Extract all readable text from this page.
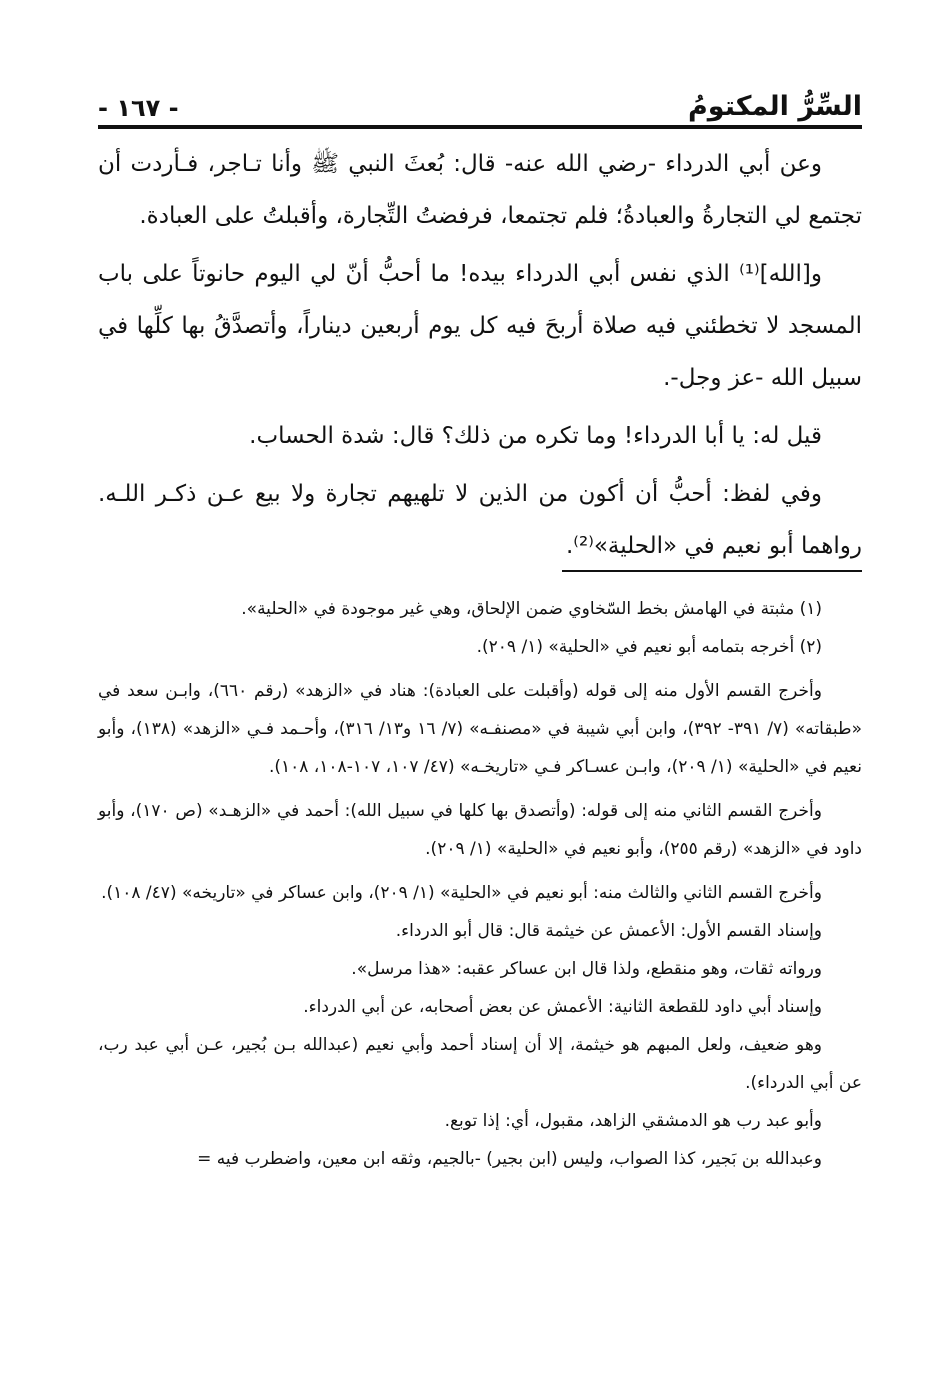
السِّرُّ المكتومُ
- ١٦٧ -

وعن أبي الدرداء -رضي الله عنه- قال: بُعثَ النبي ﷺ وأنا تـاجر، فـأردت أن تجتمع لي التجارةُ والعبادةُ؛ فلم تجتمعا، فرفضتُ التِّجارة، وأقبلتُ على العبادة.

و[الله]⁽¹⁾ الذي نفس أبي الدرداء بيده! ما أحبُّ أنّ لي اليوم حانوتاً على باب المسجد لا تخطئني فيه صلاة أربحَ فيه كل يوم أربعين ديناراً، وأتصدَّقُ بها كلِّها في سبيل الله -عز وجل-.

قيل له: يا أبا الدرداء! وما تكره من ذلك؟ قال: شدة الحساب.

وفي لفظ: أحبُّ أن أكون من الذين لا تلهيهم تجارة ولا بيع عـن ذكـر اللـه. رواهما أبو نعيم في «الحلية»⁽²⁾.

(١) مثبتة في الهامش بخط السّخاوي ضمن الإلحاق، وهي غير موجودة في «الحلية».

(٢) أخرجه بتمامه أبو نعيم في «الحلية» (١/ ٢٠٩).

وأخرج القسم الأول منه إلى قوله (وأقبلت على العبادة): هناد في «الزهد» (رقم ٦٦٠)، وابـن سعد في «طبقاته» (٧/ ٣٩١- ٣٩٢)، وابن أبي شيبة في «مصنفـه» (٧/ ١٦ و١٣/ ٣١٦)، وأحـمد فـي «الزهد» (١٣٨)، وأبو نعيم في «الحلية» (١/ ٢٠٩)، وابـن عسـاكر فـي «تاريخـه» (٤٧/ ١٠٧، ١٠٧-١٠٨، ١٠٨).

وأخرج القسم الثاني منه إلى قوله: (وأتصدق بها كلها في سبيل الله): أحمد في «الزهـد» (ص ١٧٠)، وأبو داود في «الزهد» (رقم ٢٥٥)، وأبو نعيم في «الحلية» (١/ ٢٠٩).

وأخرج القسم الثاني والثالث منه: أبو نعيم في «الحلية» (١/ ٢٠٩)، وابن عساكر في «تاريخه» (٤٧/ ١٠٨).

وإسناد القسم الأول: الأعمش عن خيثمة قال: قال أبو الدرداء.

ورواته ثقات، وهو منقطع، ولذا قال ابن عساكر عقبه: «هذا مرسل».

وإسناد أبي داود للقطعة الثانية: الأعمش عن بعض أصحابه، عن أبي الدرداء.

وهو ضعيف، ولعل المبهم هو خيثمة، إلا أن إسناد أحمد وأبي نعيم (عبدالله بـن بُجير، عـن أبي عبد رب، عن أبي الدرداء).

وأبو عبد رب هو الدمشقي الزاهد، مقبول، أي: إذا توبع.

وعبدالله بن بَجير، كذا الصواب، وليس (ابن بجير) -بالجيم، وثقه ابن معين، واضطرب فيه =
